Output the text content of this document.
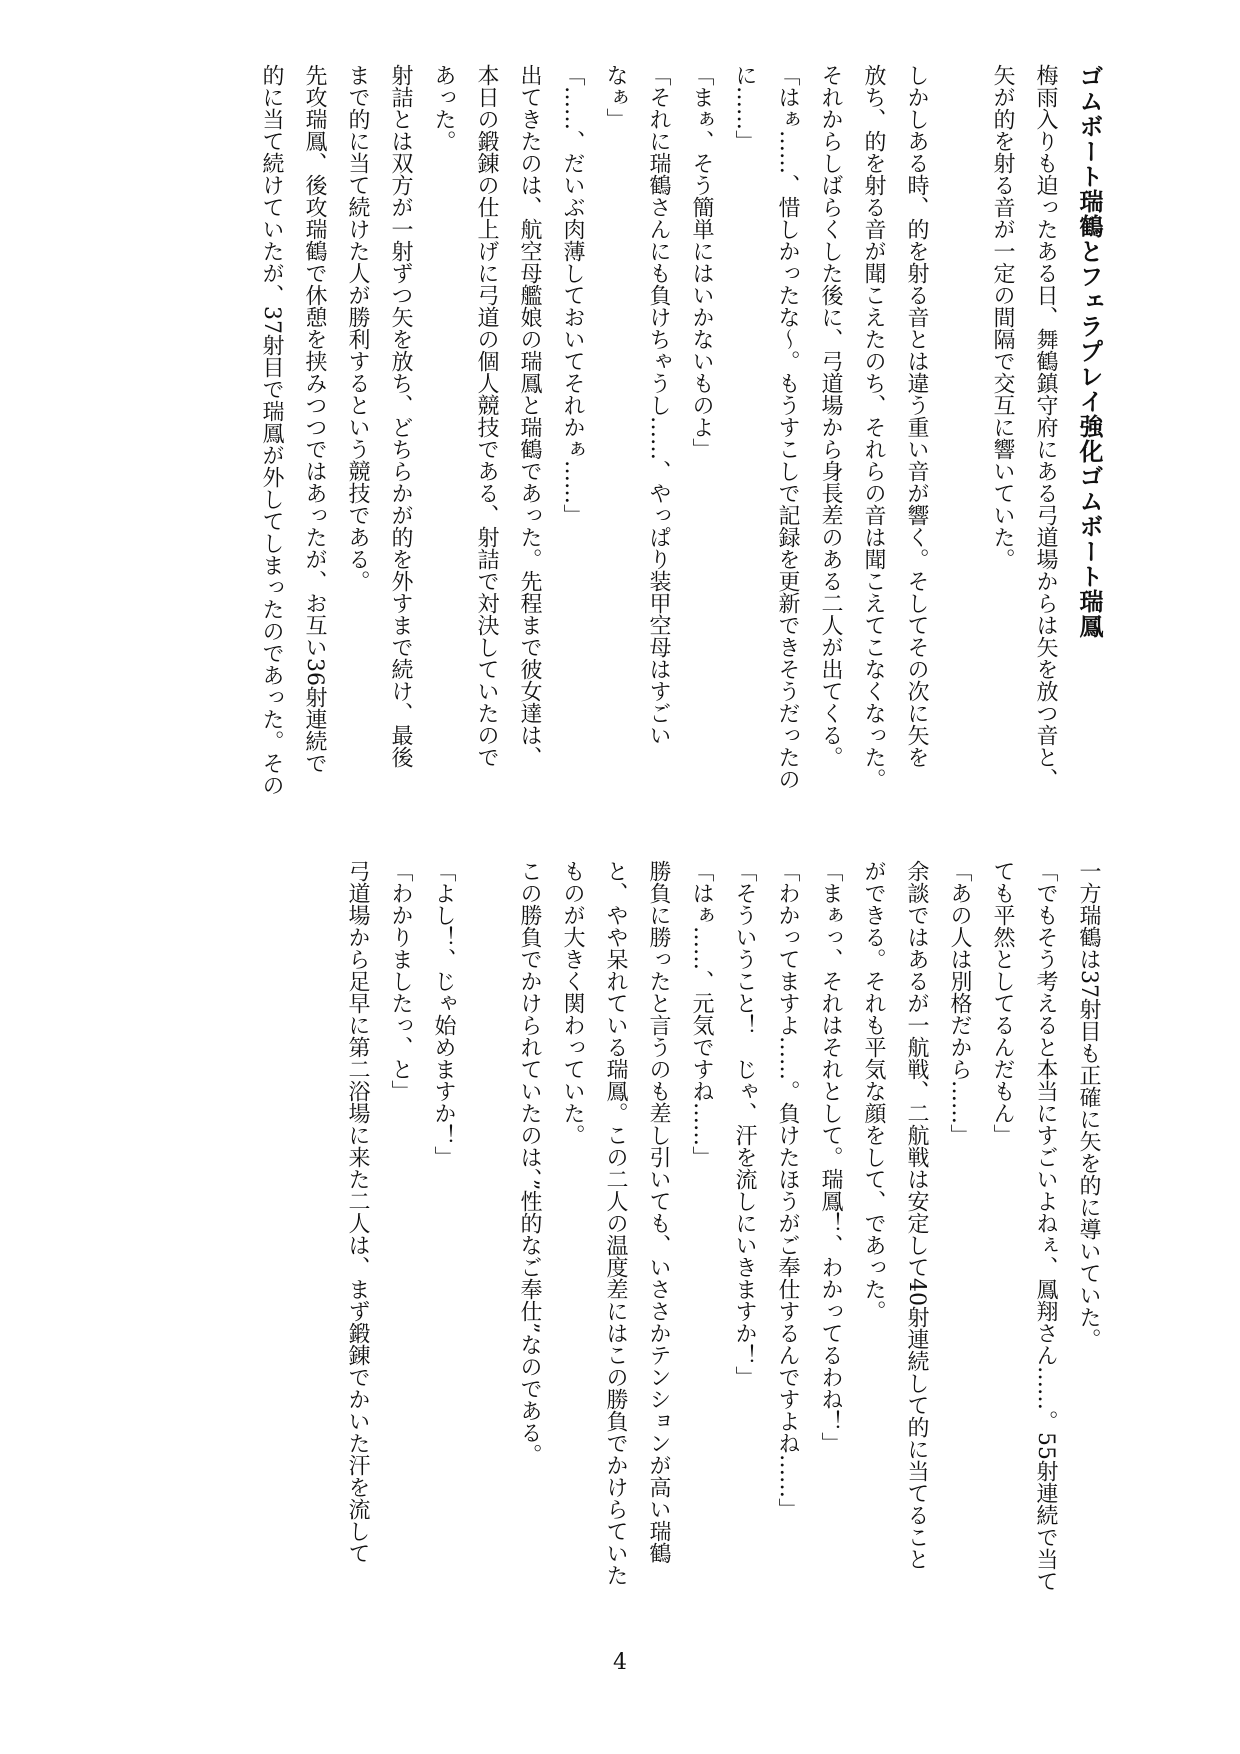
ゴムボート瑞鶴とフェラプレイ強化ゴムボート瑞鳳
梅雨入りも迫ったある日、舞鶴鎮守府にある弓道場からは矢を放つ音と、
矢が的を射る音が一定の間隔で交互に響いていた。
しかしある時、的を射る音とは違う重い音が響く。そしてその次に矢を
放ち、的を射る音が聞こえたのち、それらの音は聞こえてこなくなった。
それからしばらくした後に、弓道場から身長差のある二人が出てくる。
「はぁ……、惜しかったな～。もうすこしで記録を更新できそうだったの
に……」
「まぁ、そう簡単にはいかないものよ」
「それに瑞鶴さんにも負けちゃうし……、やっぱり装甲空母はすごい
なぁ」
「……、だいぶ肉薄しておいてそれかぁ……」
出てきたのは、航空母艦娘の瑞鳳と瑞鶴であった。先程まで彼女達は、
本日の鍛錬の仕上げに弓道の個人競技である、射詰で対決していたので
あった。
射詰とは双方が一射ずつ矢を放ち、どちらかが的を外すまで続け、最後
まで的に当て続けた人が勝利するという競技である。
先攻瑞鳳、後攻瑞鶴で休憩を挟みつつではあったが、お互い36射連続で
的に当て続けていたが、37射目で瑞鳳が外してしまったのであった。その
一方瑞鶴は37射目も正確に矢を的に導いていた。
「でもそう考えると本当にすごいよねぇ、鳳翔さん……。55射連続で当て
ても平然としてるんだもん」
「あの人は別格だから……」
余談ではあるが一航戦、二航戦は安定して40射連続して的に当てること
ができる。それも平気な顔をして、であった。
「まぁっ、それはそれとして。瑞鳳！、わかってるわね！」
「わかってますよ……。負けたほうがご奉仕するんですよね……」
「そういうこと！　じゃ、汗を流しにいきますか！」
「はぁ……、元気ですね……」
勝負に勝ったと言うのも差し引いても、いささかテンションが高い瑞鶴
と、やや呆れている瑞鳳。この二人の温度差にはこの勝負でかけらていた
ものが大きく関わっていた。
この勝負でかけられていたのは、”性的なご奉仕”なのである。
「よし！、じゃ始めますか！」
「わかりましたっ、と」
弓道場から足早に第二浴場に来た二人は、まず鍛錬でかいた汗を流して
4
